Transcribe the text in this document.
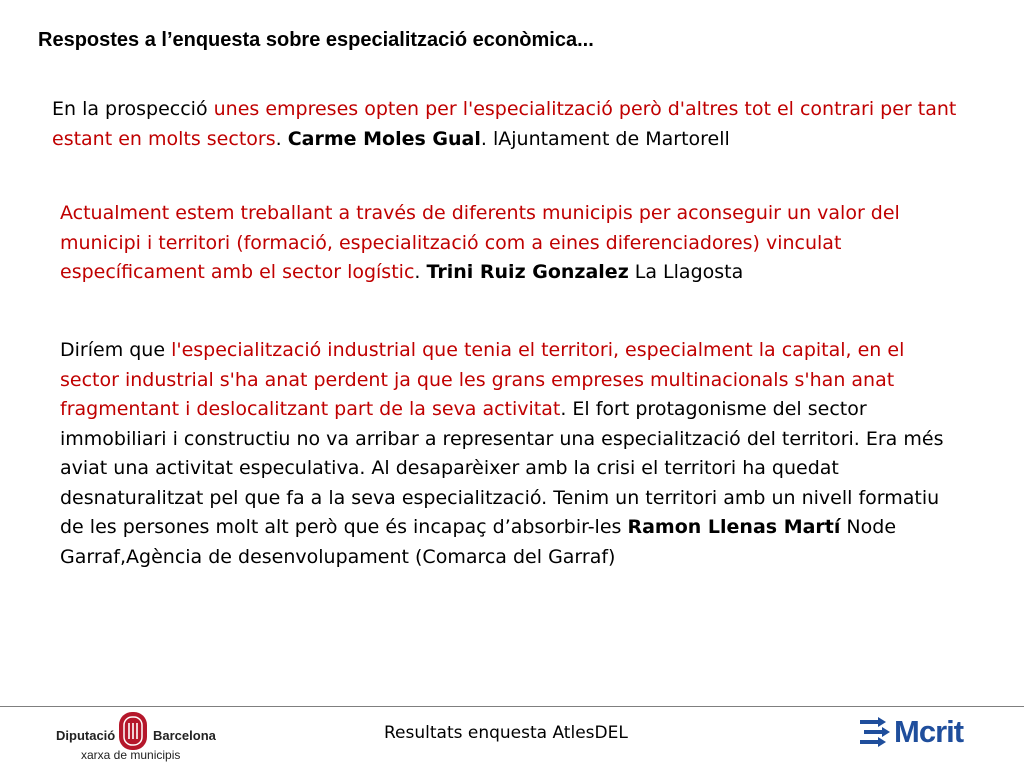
Respostes a l’enquesta sobre especialització econòmica...
En la prospecció unes empreses opten per l'especialització però d'altres tot el contrari per tant estant en molts sectors. Carme Moles Gual. lAjuntament de Martorell
Actualment estem treballant a través de diferents municipis per aconseguir un valor del municipi i territori (formació, especialització com a eines diferenciadores) vinculat específicament amb el sector logístic. Trini Ruiz Gonzalez La Llagosta
Diríem que l'especialització industrial que tenia el territori, especialment la capital, en el sector industrial s'ha anat perdent ja que les grans empreses multinacionals s'han anat fragmentant i deslocalitzant part de la seva activitat. El fort protagonisme del sector immobiliari i constructiu no va arribar a representar una especialització del territori. Era més aviat una activitat especulativa. Al desaparèixer amb la crisi el territori ha quedat desnaturalitzat pel que fa a la seva especialització. Tenim un territori amb un nivell formatiu de les persones molt alt però que és incapaç d’absorbir-les Ramon Llenas Martí Node Garraf,Agència de desenvolupament (Comarca del Garraf)
Diputació	Barcelona
xarxa de municipis
Resultats enquesta AtlesDEL	Mcrit
